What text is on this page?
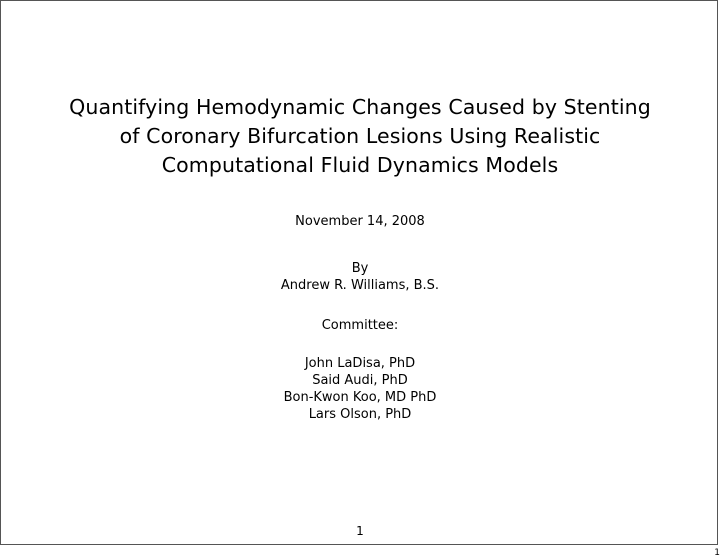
Quantifying Hemodynamic Changes Caused by Stenting
of Coronary Bifurcation Lesions Using Realistic
Computational Fluid Dynamics Models
November 14, 2008
By
Andrew R. Williams, B.S.
Committee:
John LaDisa, PhD
Said Audi, PhD
Bon-Kwon Koo, MD PhD
Lars Olson, PhD
1
1
